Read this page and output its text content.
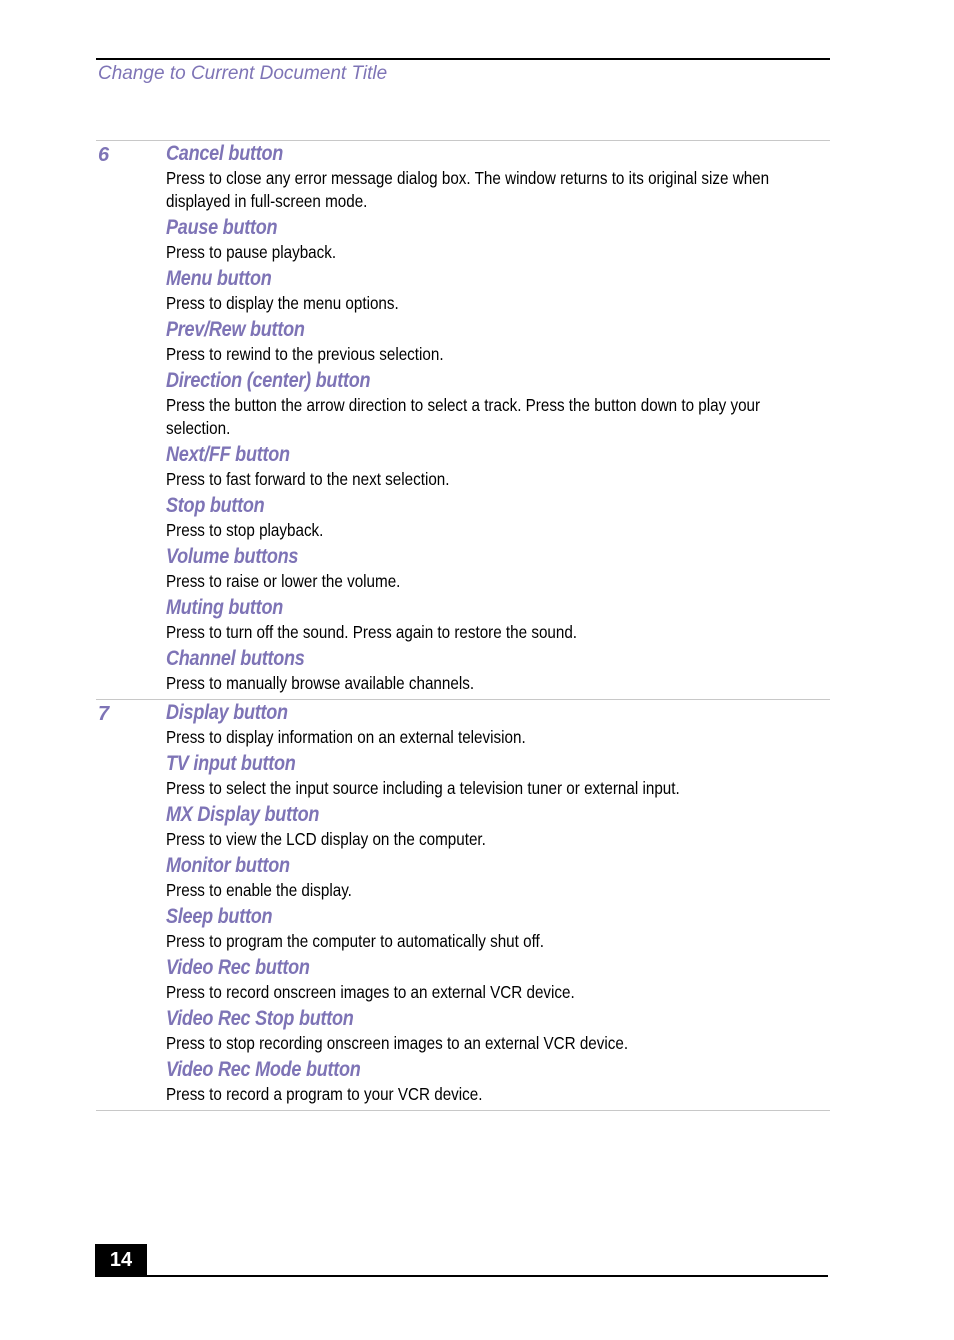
Change to Current Document Title
6	Cancel button
Press to close any error message dialog box. The window returns to its original size when displayed in full-screen mode.
Pause button
Press to pause playback.
Menu button
Press to display the menu options.
Prev/Rew button
Press to rewind to the previous selection.
Direction (center) button
Press the button the arrow direction to select a track. Press the button down to play your selection.
Next/FF button
Press to fast forward to the next selection.
Stop button
Press to stop playback.
Volume buttons
Press to raise or lower the volume.
Muting button
Press to turn off the sound. Press again to restore the sound.
Channel buttons
Press to manually browse available channels.
7	Display button
Press to display information on an external television.
TV input button
Press to select the input source including a television tuner or external input.
MX Display button
Press to view the LCD display on the computer.
Monitor button
Press to enable the display.
Sleep button
Press to program the computer to automatically shut off.
Video Rec button
Press to record onscreen images to an external VCR device.
Video Rec Stop button
Press to stop recording onscreen images to an external VCR device.
Video Rec Mode button
Press to record a program to your VCR device.
14
